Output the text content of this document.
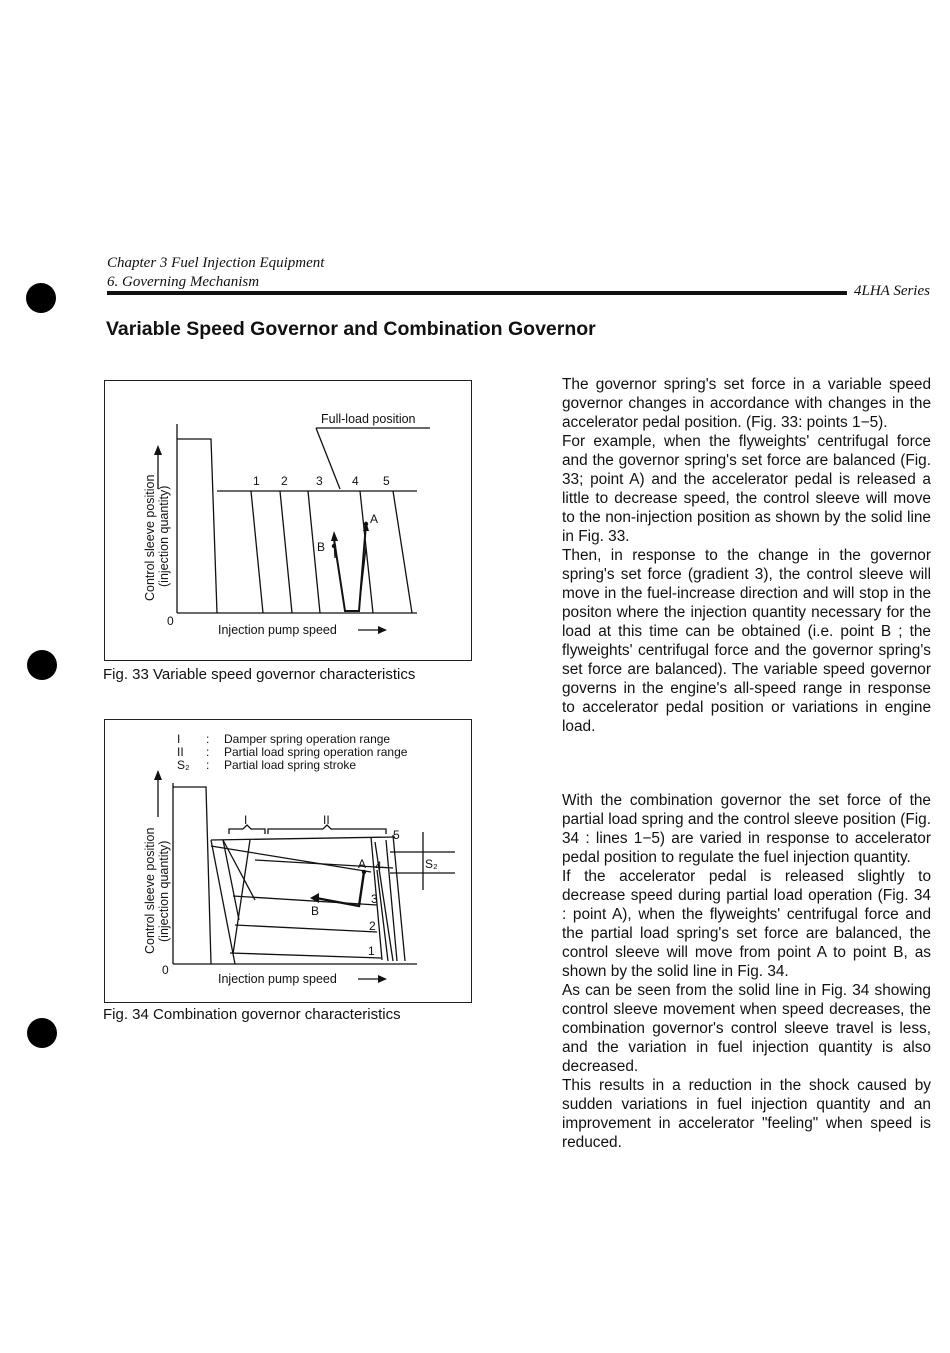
Chapter 3 Fuel Injection Equipment
6. Governing Mechanism
4LHA Series
Variable Speed Governor and Combination Governor
Full-load position
1 2 3 4 5
A
B
0
Injection pump speed
Control sleeve position (injection quantity)
Fig. 33 Variable speed governor characteristics
I : Damper spring operation range
II : Partial load spring operation range
S₂ : Partial load spring stroke
I	II
5
4
3
2
1
A
B
S₂
0
Injection pump speed
Control sleeve position (injection quantity)
Fig. 34 Combination governor characteristics

The governor spring's set force in a variable speed governor changes in accordance with changes in the accelerator pedal position. (Fig. 33: points 1−5).

For example, when the flyweights' centrifugal force and the governor spring's set force are balanced (Fig. 33; point A) and the accelerator pedal is released a little to decrease speed, the control sleeve will move to the non-injection position as shown by the solid line in Fig. 33.

Then, in response to the change in the governor spring's set force (gradient 3), the control sleeve will move in the fuel-increase direction and will stop in the positon where the injection quantity necessary for the load at this time can be obtained (i.e. point B ; the flyweights' centrifugal force and the governor spring's set force are balanced). The variable speed governor governs in the engine's all-speed range in response to accelerator pedal position or variations in engine load.

With the combination governor the set force of the partial load spring and the control sleeve position (Fig. 34 : lines 1−5) are varied in response to accelerator pedal position to regulate the fuel injection quantity.

If the accelerator pedal is released slightly to decrease speed during partial load operation (Fig. 34 : point A), when the flyweights' centrifugal force and the partial load spring's set force are balanced, the control sleeve will move from point A to point B, as shown by the solid line in Fig. 34.

As can be seen from the solid line in Fig. 34 showing control sleeve movement when speed decreases, the combination governor's control sleeve travel is less, and the variation in fuel injection quantity is also decreased.

This results in a reduction in the shock caused by sudden variations in fuel injection quantity and an improvement in accelerator "feeling" when speed is reduced.
